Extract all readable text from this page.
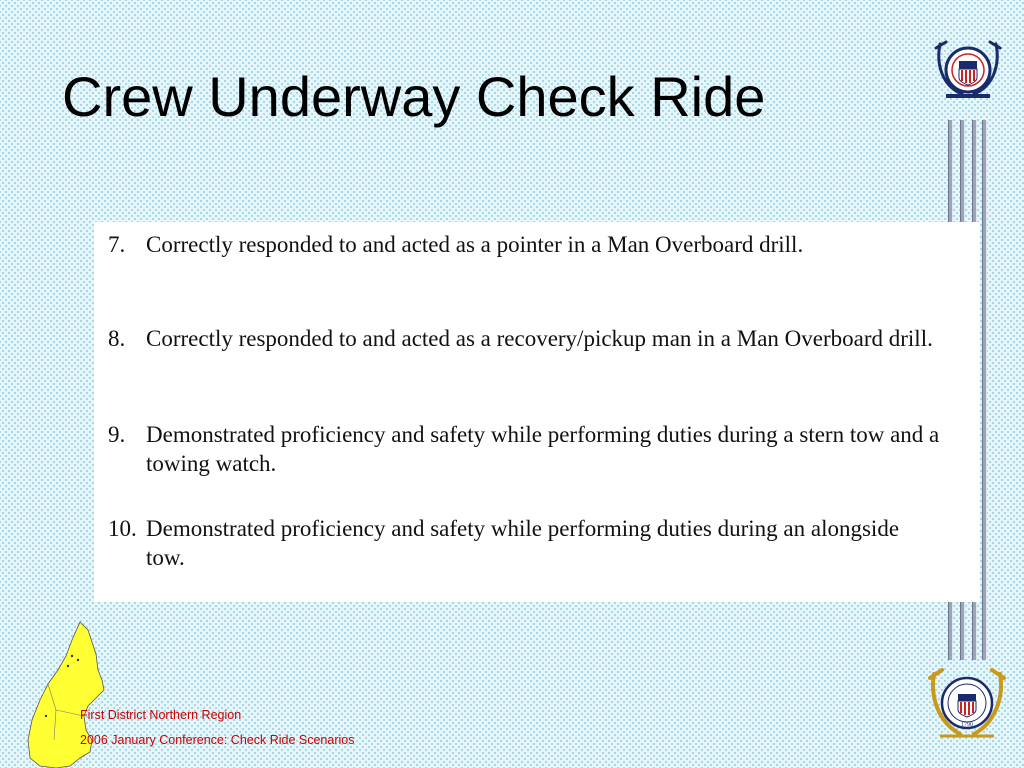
Crew Underway Check Ride
7. Correctly responded to and acted as a pointer in a Man Overboard drill.
8. Correctly responded to and acted as a recovery/pickup man in a Man Overboard drill.
9. Demonstrated proficiency and safety while performing duties during a stern tow and a towing watch.
10. Demonstrated proficiency and safety while performing duties during an alongside tow.
First District Northern Region
2006 January Conference: Check Ride Scenarios
1790
